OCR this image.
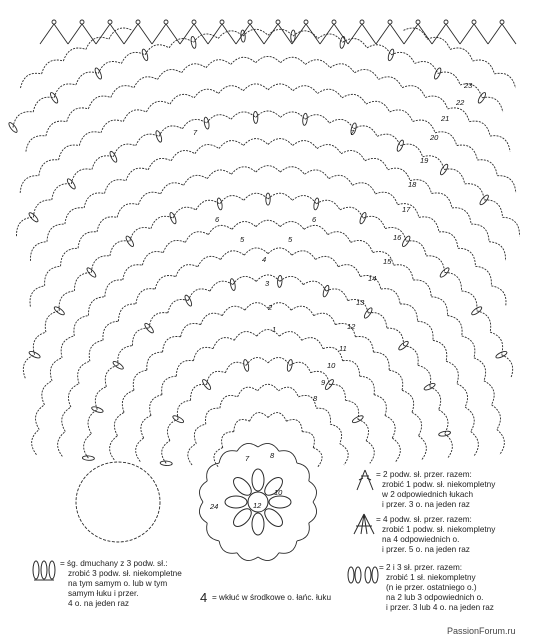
23
22
21
20
19
18
17
16
15
14
13
12
11
10
9
8
7
7
6	6
5	5
4
3
2
1
7	8
24
10
12
= śg. dmuchany z 3 podw. sł.:
zrobić 3 podw. sł. niekompletne
na tym samym o. lub w tym
samym łuku i przer.
4 o. na jeden raz	4 = wkłuć w środkowe o. łańc. łuku
= 2 podw. sł. przer. razem:
zrobić 1 podw. sł. niekompletny
w 2 odpowiednich łukach
i przer. 3 o. na jeden raz
= 4 podw. sł. przer. razem:
zrobić 1 podw. sł. niekompletny
na 4 odpowiednich o.
i przer. 5 o. na jeden raz
= 2 i 3 sł. przer. razem:
zrobić 1 sł. niekompletny
(n ie przer. ostatniego o.)
na 2 lub 3 odpowiednich o.
i przer. 3 lub 4 o. na jeden raz
PassionForum.ru
